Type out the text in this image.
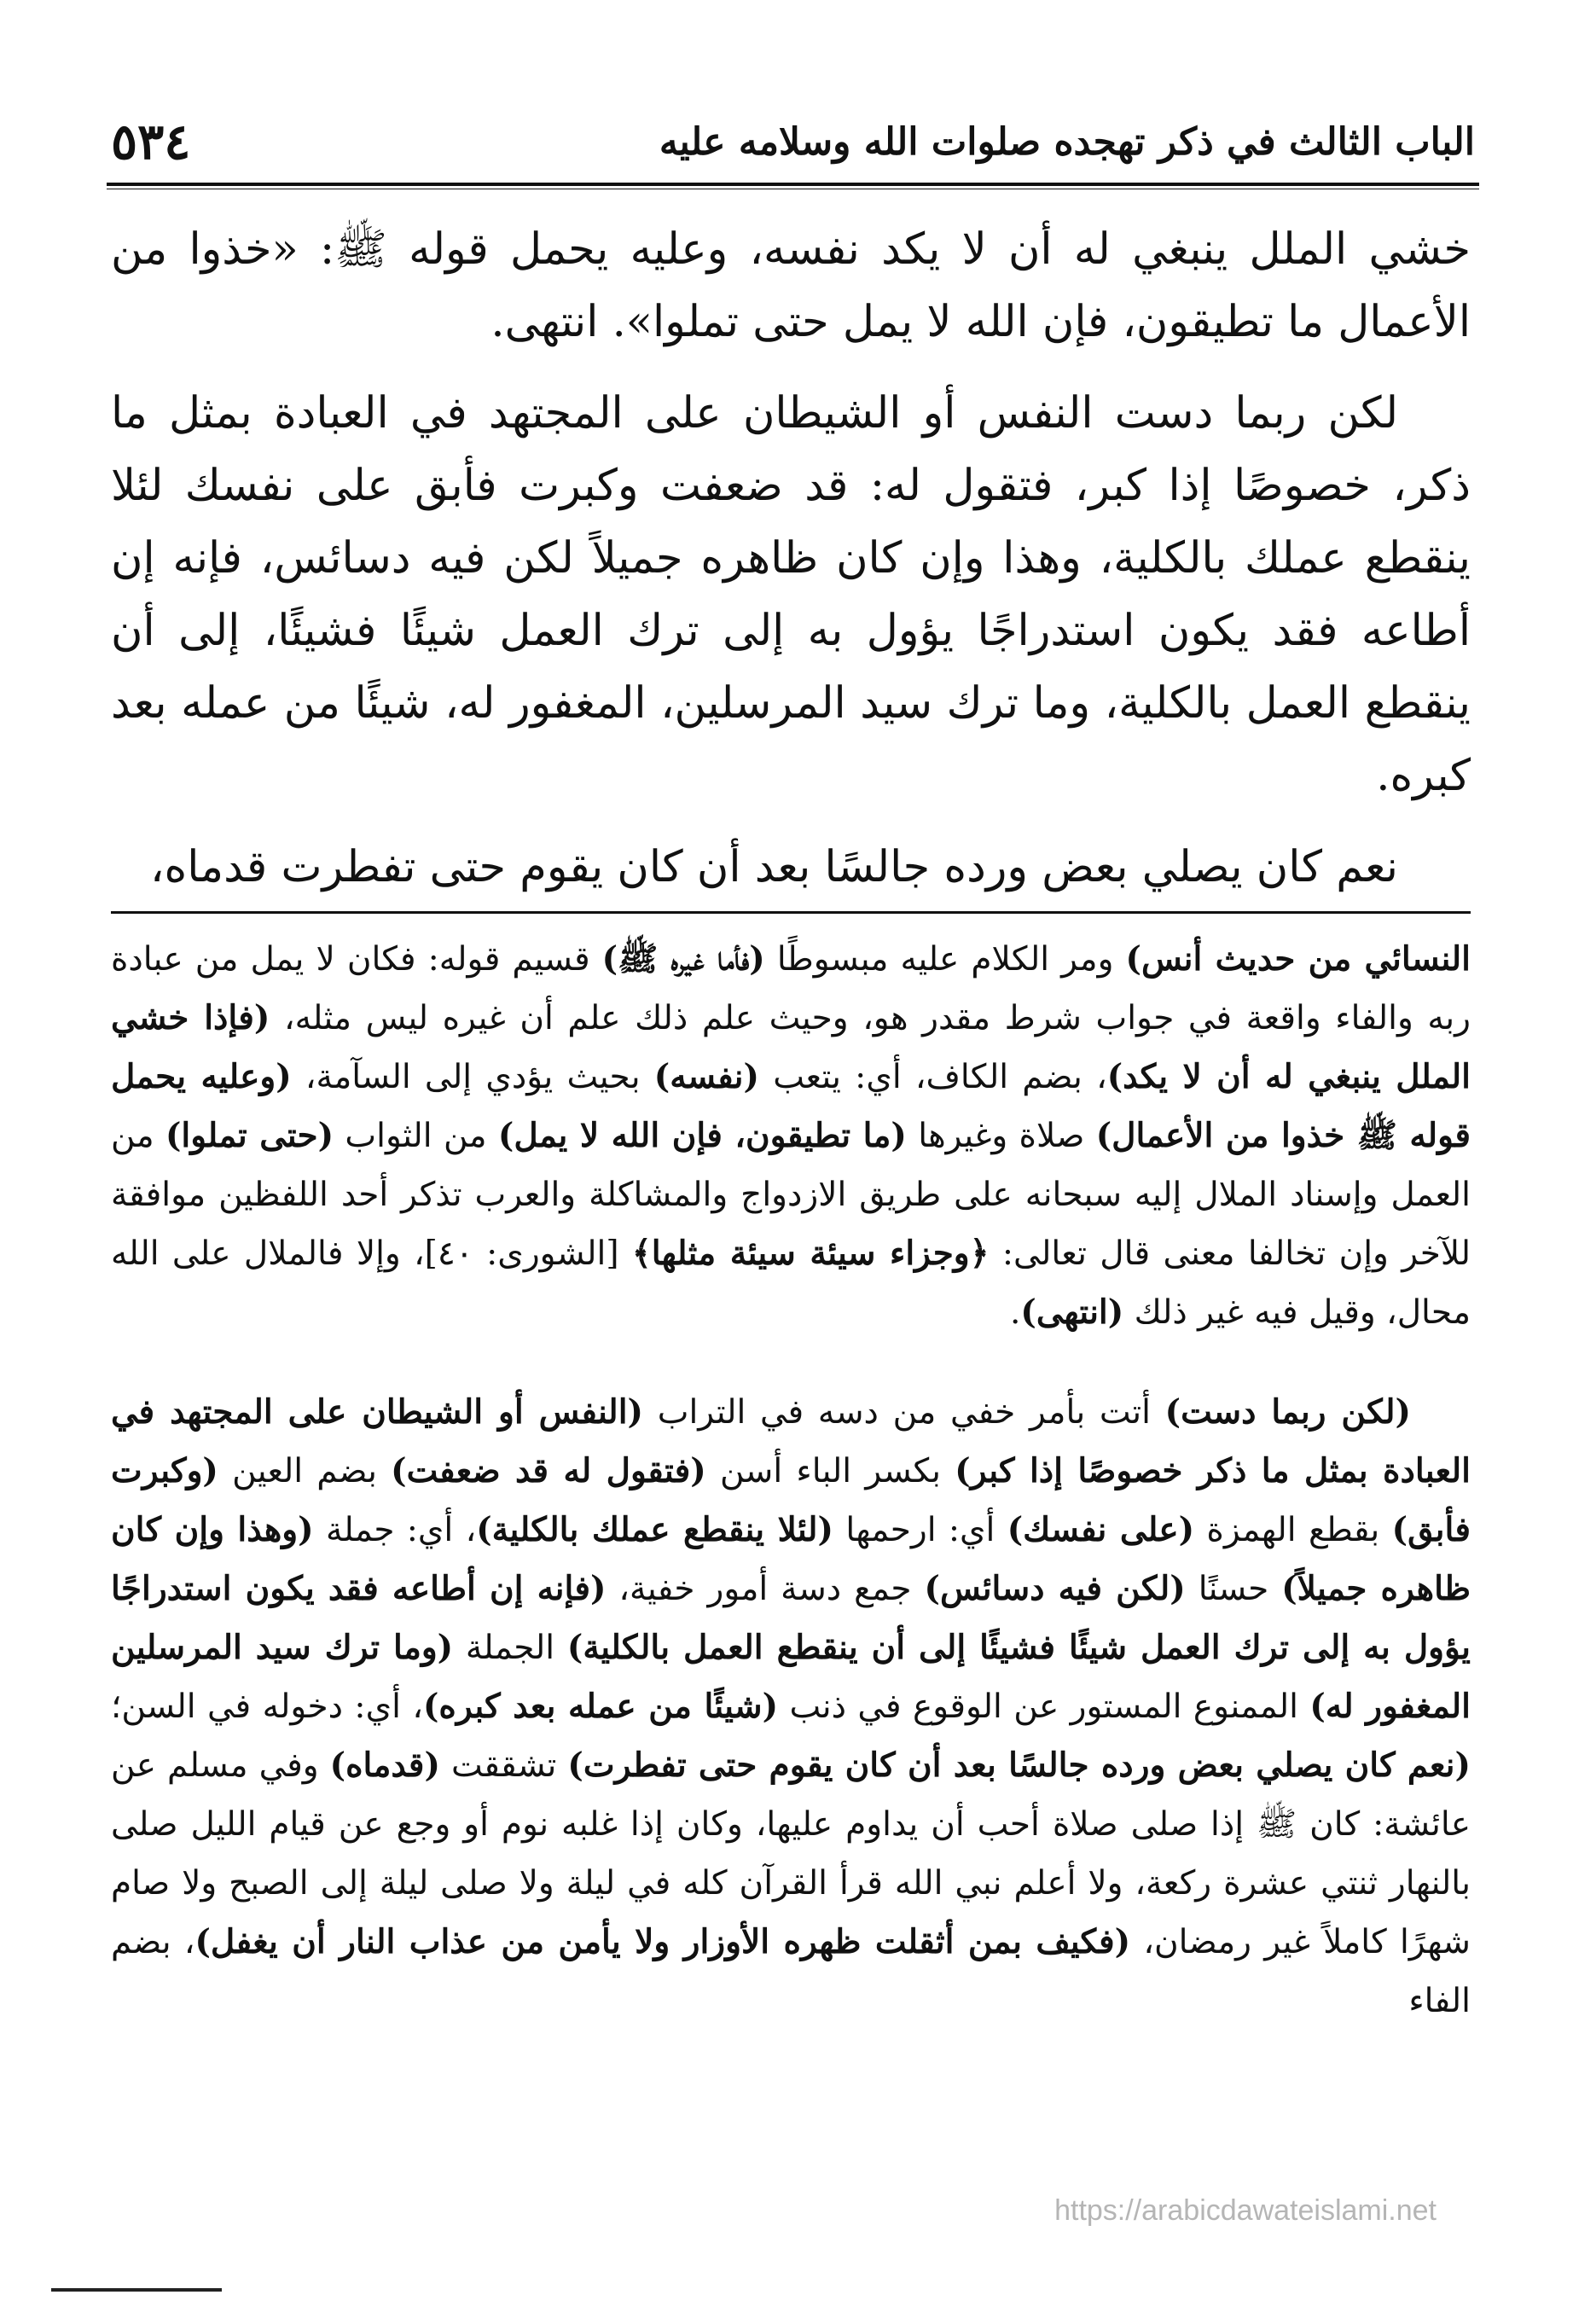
٥٣٤	الباب الثالث في ذكر تهجده صلوات الله وسلامه عليه

خشي الملل ينبغي له أن لا يكد نفسه، وعليه يحمل قوله ﷺ: «خذوا من الأعمال ما تطيقون، فإن الله لا يمل حتى تملوا». انتهى.

لكن ربما دست النفس أو الشيطان على المجتهد في العبادة بمثل ما ذكر، خصوصًا إذا كبر، فتقول له: قد ضعفت وكبرت فأبق على نفسك لئلا ينقطع عملك بالكلية، وهذا وإن كان ظاهره جميلاً لكن فيه دسائس، فإنه إن أطاعه فقد يكون استدراجًا يؤول به إلى ترك العمل شيئًا فشيئًا، إلى أن ينقطع العمل بالكلية، وما ترك سيد المرسلين، المغفور له، شيئًا من عمله بعد كبره.

نعم كان يصلي بعض ورده جالسًا بعد أن كان يقوم حتى تفطرت قدماه،

النسائي من حديث أنس) ومر الكلام عليه مبسوطًا (فأما غيره ﷺ) قسيم قوله: فكان لا يمل من عبادة ربه والفاء واقعة في جواب شرط مقدر هو، وحيث علم ذلك علم أن غيره ليس مثله، (فإذا خشي الملل ينبغي له أن لا يكد)، بضم الكاف، أي: يتعب (نفسه) بحيث يؤدي إلى السآمة، (وعليه يحمل قوله ﷺ خذوا من الأعمال) صلاة وغيرها (ما تطيقون، فإن الله لا يمل) من الثواب (حتى تملوا) من العمل وإسناد الملال إليه سبحانه على طريق الازدواج والمشاكلة والعرب تذكر أحد اللفظين موافقة للآخر وإن تخالفا معنى قال تعالى: ﴿وجزاء سيئة سيئة مثلها﴾ [الشورى: ٤٠]، وإلا فالملال على الله محال، وقيل فيه غير ذلك (انتهى).

(لكن ربما دست) أتت بأمر خفي من دسه في التراب (النفس أو الشيطان على المجتهد في العبادة بمثل ما ذكر خصوصًا إذا كبر) بكسر الباء أسن (فتقول له قد ضعفت) بضم العين (وكبرت فأبق) بقطع الهمزة (على نفسك) أي: ارحمها (لئلا ينقطع عملك بالكلية)، أي: جملة (وهذا وإن كان ظاهره جميلاً) حسنًا (لكن فيه دسائس) جمع دسة أمور خفية، (فإنه إن أطاعه فقد يكون استدراجًا يؤول به إلى ترك العمل شيئًا فشيئًا إلى أن ينقطع العمل بالكلية) الجملة (وما ترك سيد المرسلين المغفور له) الممنوع المستور عن الوقوع في ذنب (شيئًا من عمله بعد كبره)، أي: دخوله في السن؛ (نعم كان يصلي بعض ورده جالسًا بعد أن كان يقوم حتى تفطرت) تشققت (قدماه) وفي مسلم عن عائشة: كان ﷺ إذا صلى صلاة أحب أن يداوم عليها، وكان إذا غلبه نوم أو وجع عن قيام الليل صلى بالنهار ثنتي عشرة ركعة، ولا أعلم نبي الله قرأ القرآن كله في ليلة ولا صلى ليلة إلى الصبح ولا صام شهرًا كاملاً غير رمضان، (فكيف بمن أثقلت ظهره الأوزار ولا يأمن من عذاب النار أن يغفل)، بضم الفاء

https://arabicdawateislami.net
